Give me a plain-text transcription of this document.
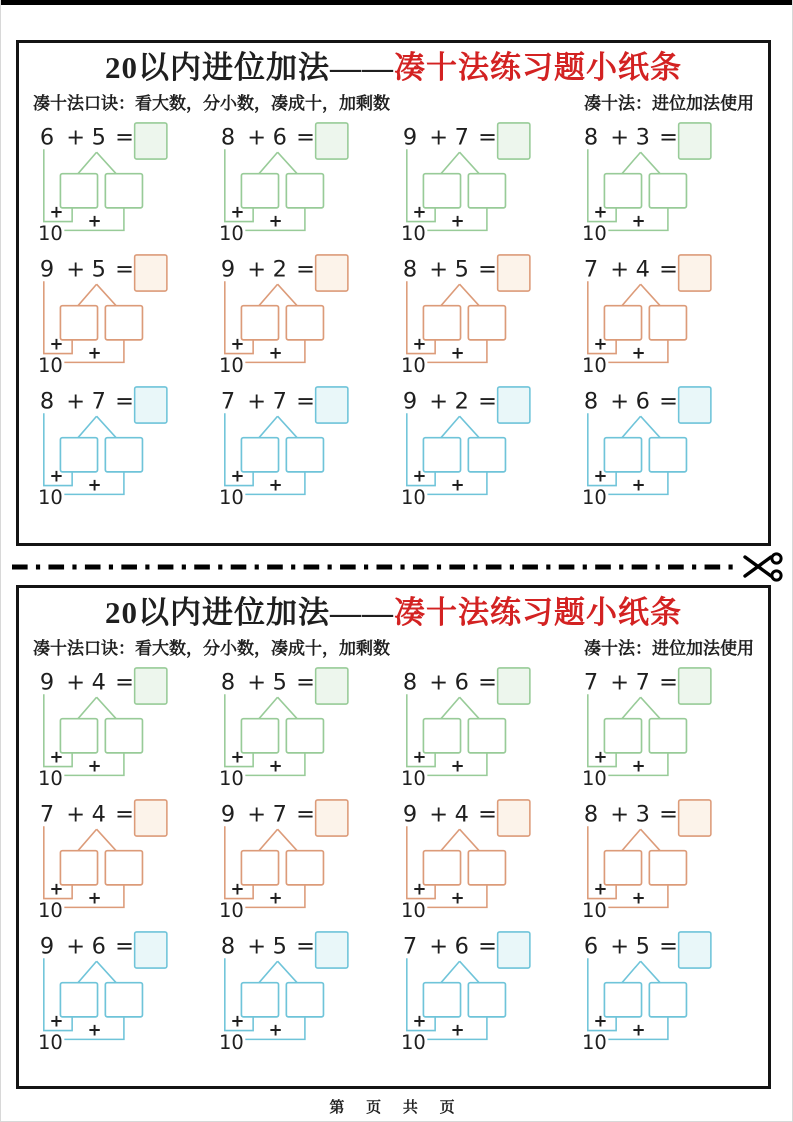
20以内进位加法——凑十法练习题小纸条
凑十法口诀：看大数，分小数，凑成十，加剩数	凑十法：进位加法使用
6 + 5 =
+
10
+
8 + 6 =
+
10
+
9 + 7 =
+
10
+
8 + 3 =
+
10
+
9 + 5 =
+
10
+
9 + 2 =
+
10
+
8 + 5 =
+
10
+
7 + 4 =
+
10
+
8 + 7 =
+
10
+
7 + 7 =
+
10
+
9 + 2 =
+
10
+
8 + 6 =
+
10
+
20以内进位加法——凑十法练习题小纸条
凑十法口诀：看大数，分小数，凑成十，加剩数	凑十法：进位加法使用
9 + 4 =
+
10
+
8 + 5 =
+
10
+
8 + 6 =
+
10
+
7 + 7 =
+
10
+
7 + 4 =
+
10
+
9 + 7 =
+
10
+
9 + 4 =
+
10
+
8 + 3 =
+
10
+
9 + 6 =
+
10
+
8 + 5 =
+
10
+
7 + 6 =
+
10
+
6 + 5 =
+
10
+
第 页 共 页
